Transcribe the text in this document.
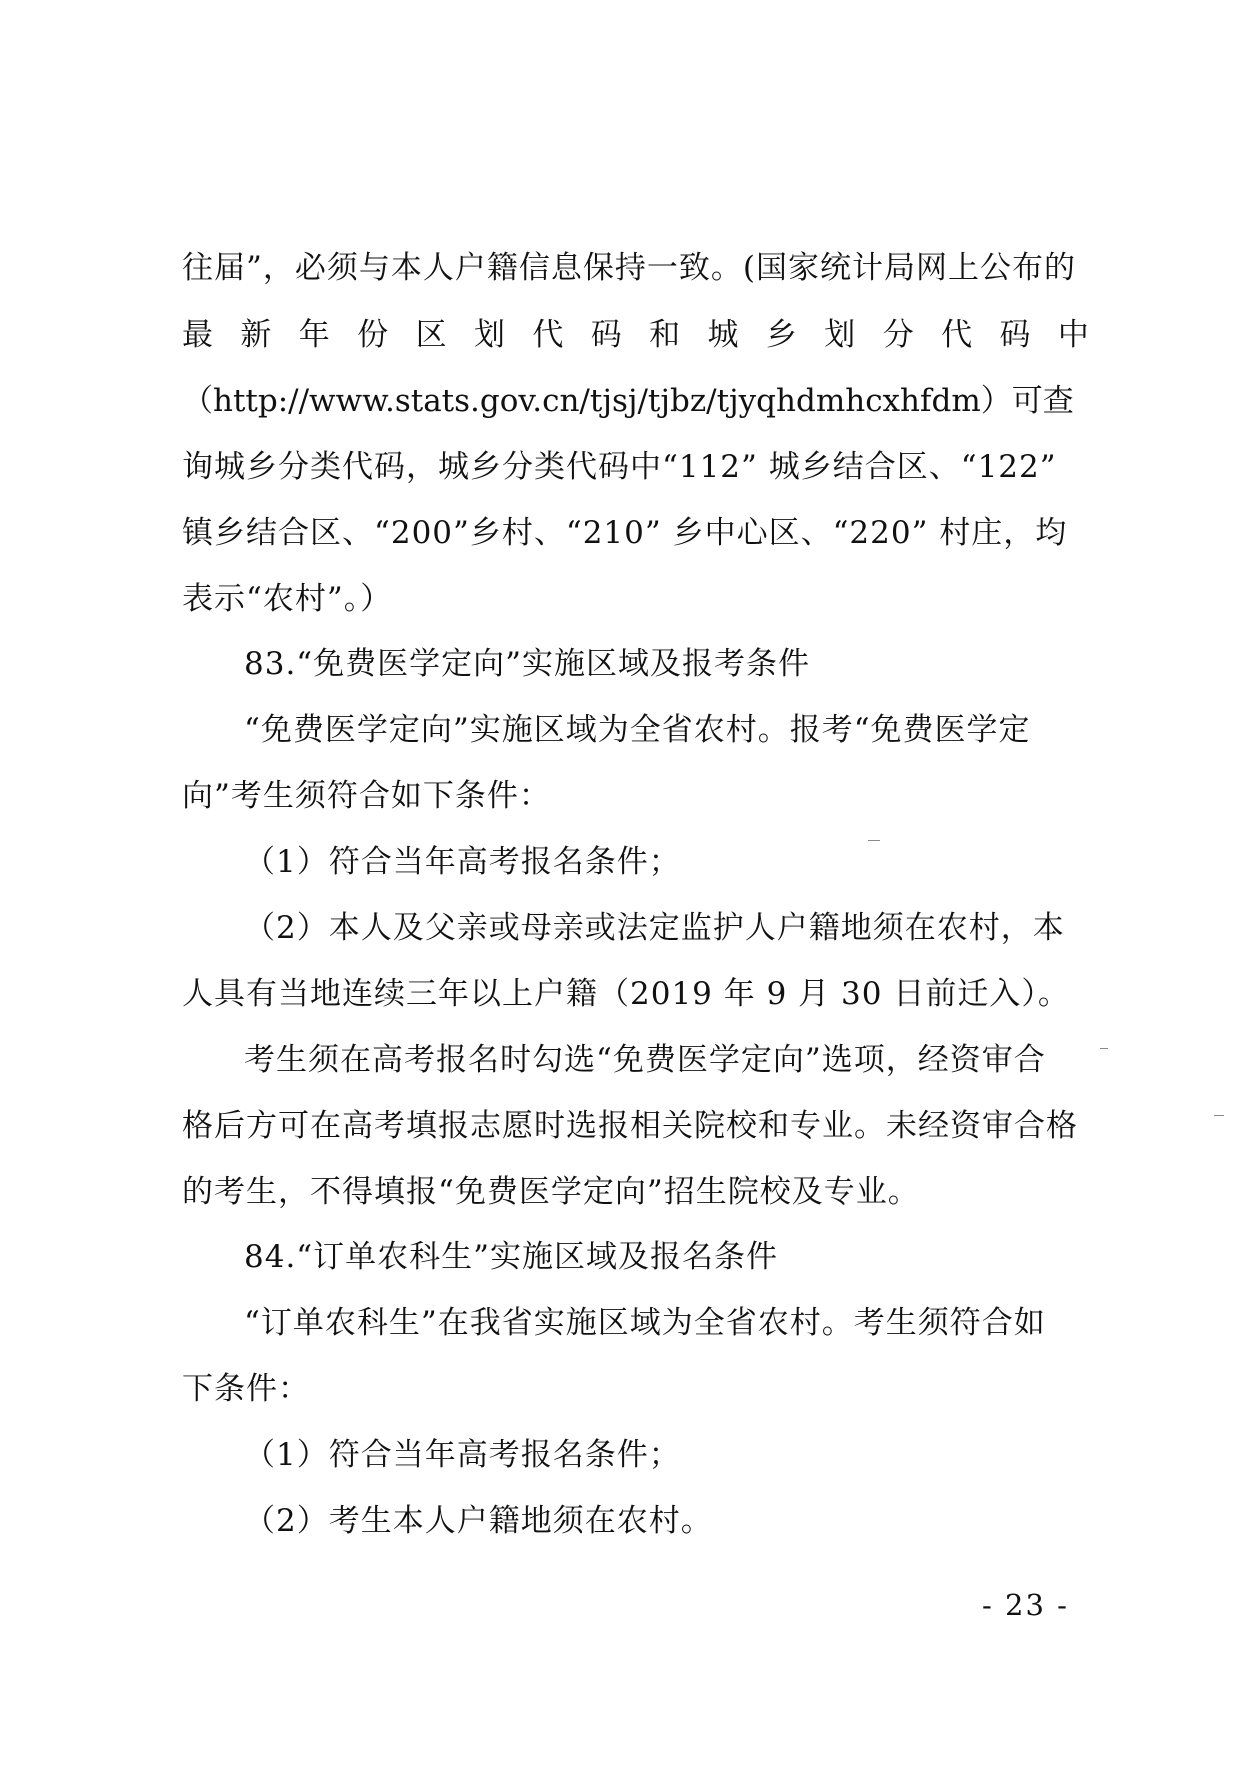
往届”，必须与本人户籍信息保持一致。(国家统计局网上公布的
最 新 年 份 区 划 代 码 和 城 乡 划 分 代 码 中
（http://www.stats.gov.cn/tjsj/tjbz/tjyqhdmhcxhfdm）可查
询城乡分类代码，城乡分类代码中“112” 城乡结合区、“122”
镇乡结合区、“200”乡村、“210” 乡中心区、“220” 村庄，均
表示“农村”。）
83.“免费医学定向”实施区域及报考条件
“免费医学定向”实施区域为全省农村。报考“免费医学定
向”考生须符合如下条件：
（1）符合当年高考报名条件；
（2）本人及父亲或母亲或法定监护人户籍地须在农村，本
人具有当地连续三年以上户籍（2019 年 9 月 30 日前迁入）。
考生须在高考报名时勾选“免费医学定向”选项，经资审合
格后方可在高考填报志愿时选报相关院校和专业。未经资审合格
的考生，不得填报“免费医学定向”招生院校及专业。
84.“订单农科生”实施区域及报名条件
“订单农科生”在我省实施区域为全省农村。考生须符合如
下条件：
（1）符合当年高考报名条件；
（2）考生本人户籍地须在农村。
- 23 -
